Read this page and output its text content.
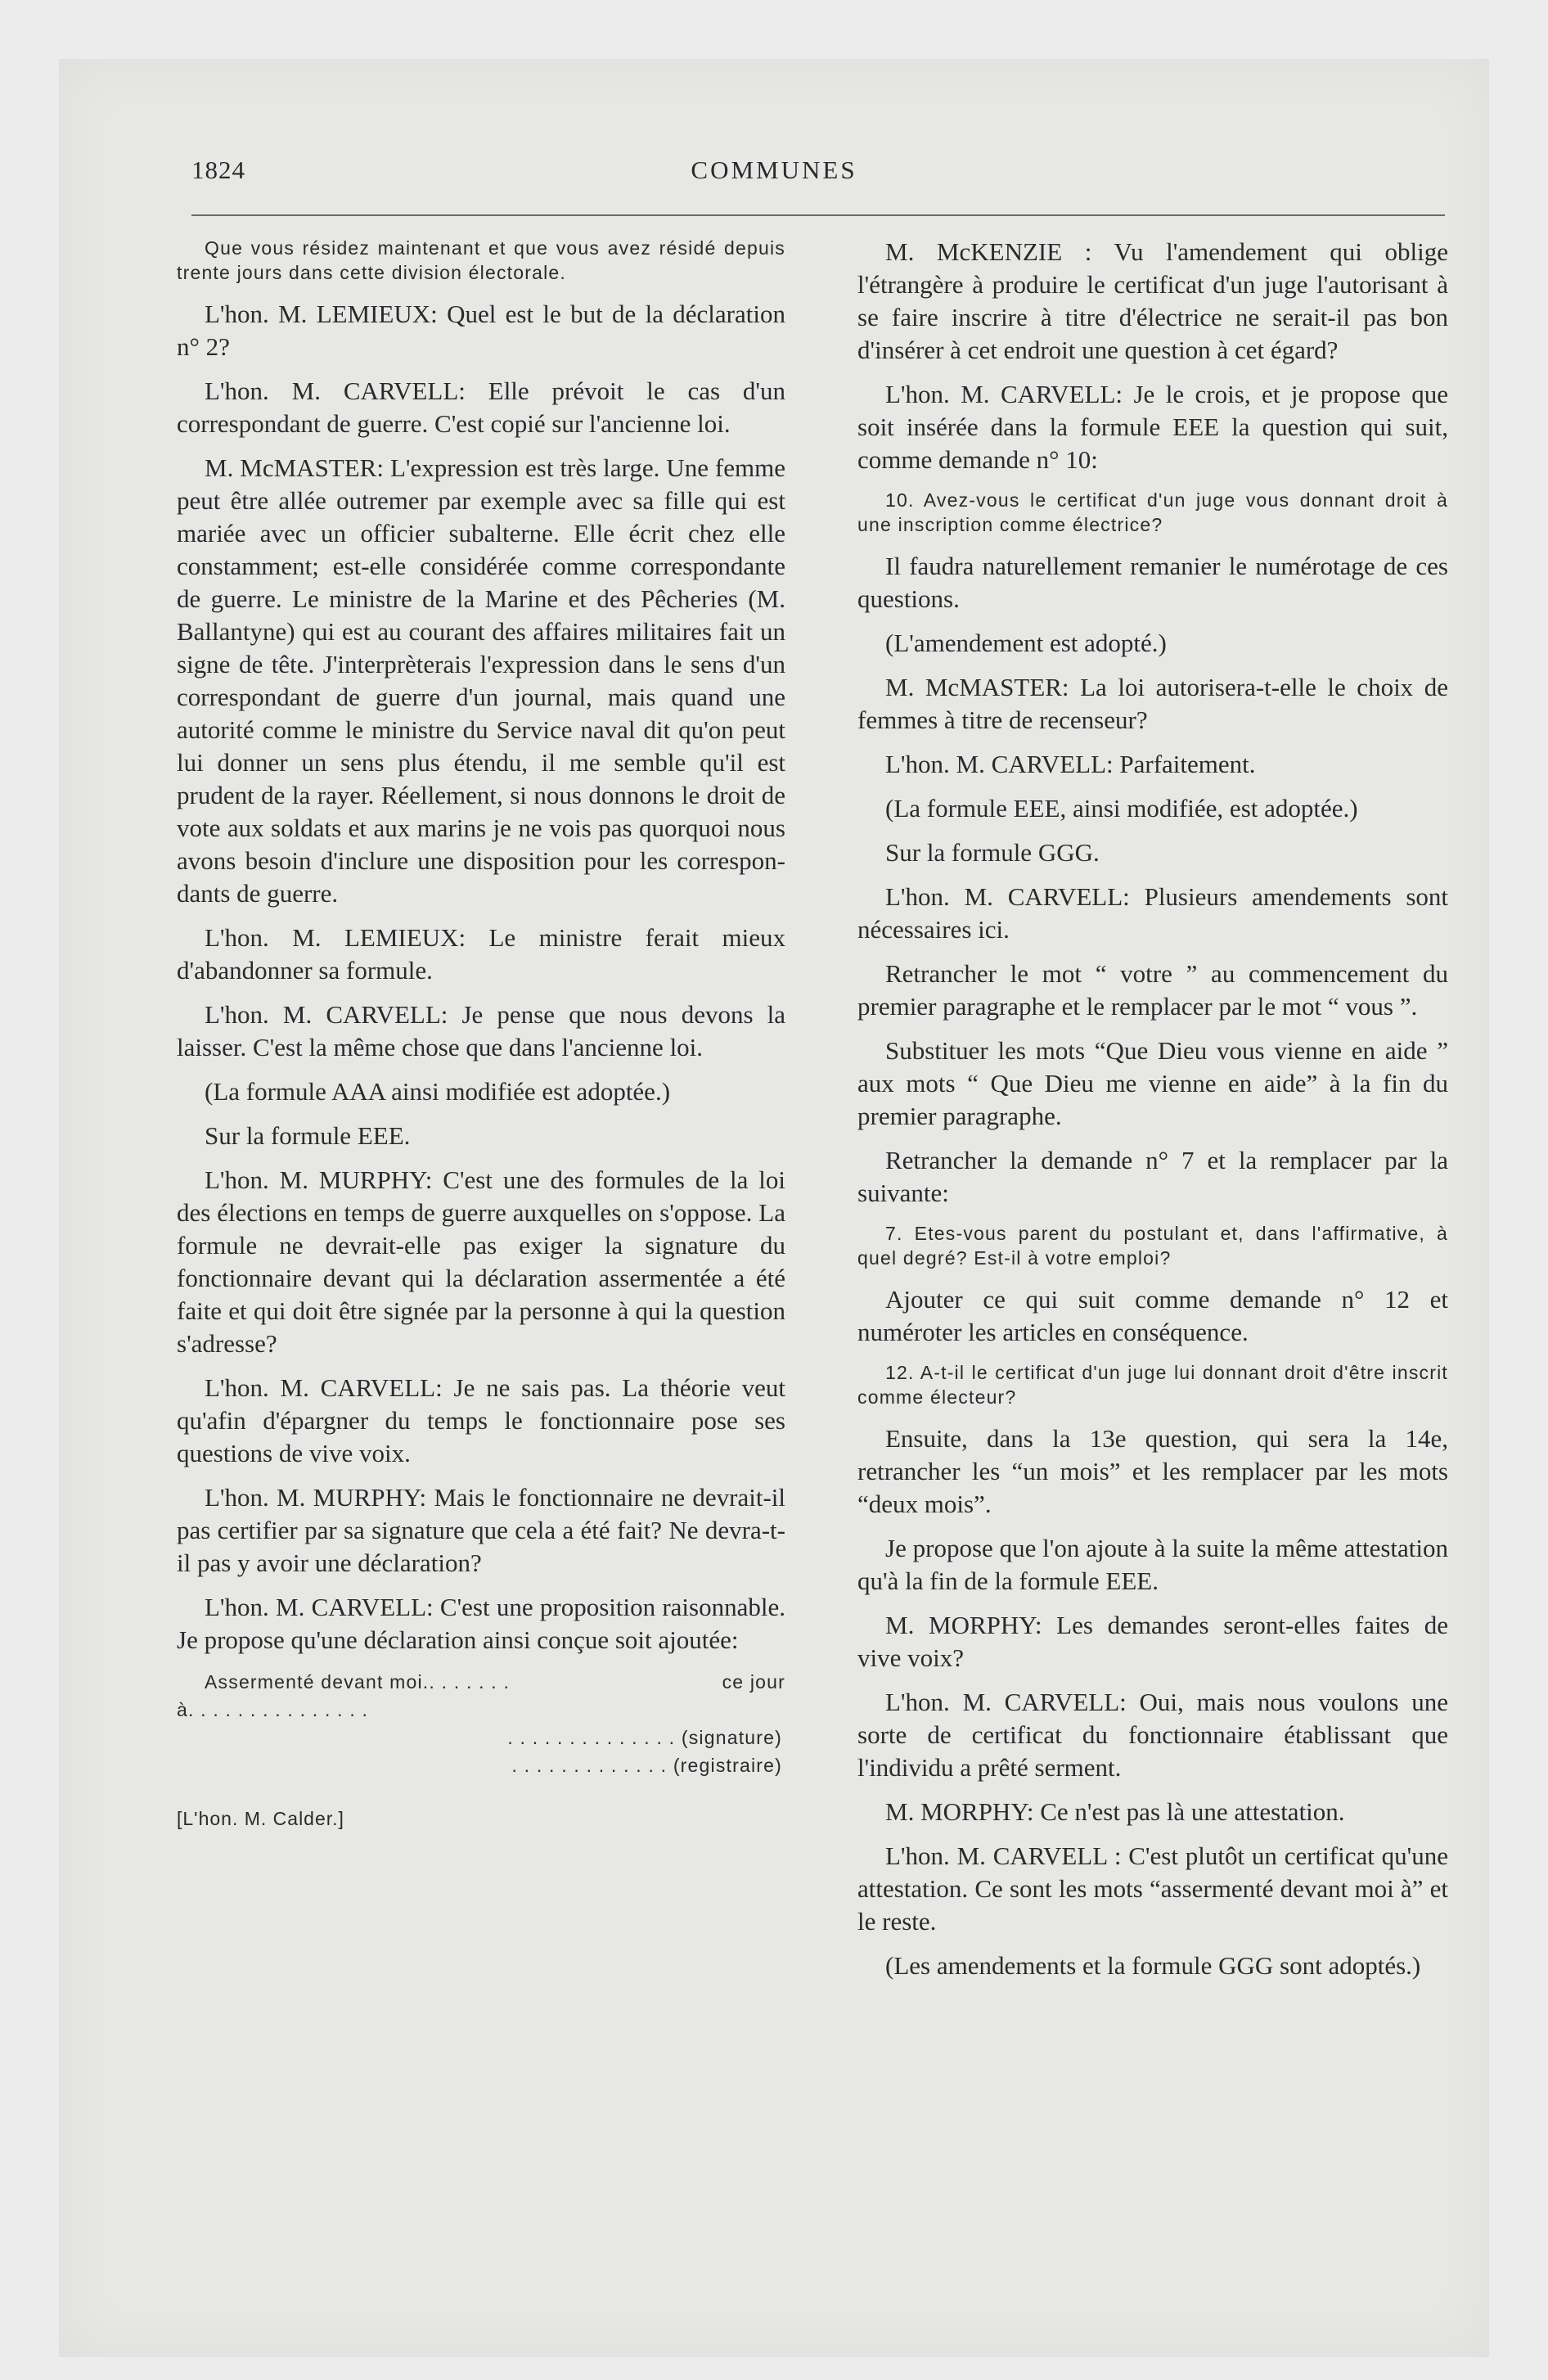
1824	COMMUNES

Que vous résidez maintenant et que vous avez résidé depuis trente jours dans cette division électorale.

L'hon. M. LEMIEUX: Quel est le but de la déclaration n° 2?

L'hon. M. CARVELL: Elle prévoit le cas d'un correspondant de guerre. C'est copié sur l'ancienne loi.

M. McMASTER: L'expression est très large. Une femme peut être allée outremer par exemple avec sa fille qui est mariée avec un officier subalterne. Elle écrit chez elle constamment; est-elle considérée comme correspondante de guerre. Le ministre de la Marine et des Pêcheries (M. Ballantyne) qui est au courant des affaires militaires fait un signe de tête. J'interprèterais l'expression dans le sens d'un correspondant de guerre d'un journal, mais quand une autorité comme le ministre du Service naval dit qu'on peut lui donner un sens plus étendu, il me semble qu'il est prudent de la rayer. Réellement, si nous donnons le droit de vote aux soldats et aux marins je ne vois pas quorquoi nous avons besoin d'inclure une disposition pour les correspondants de guerre.

L'hon. M. LEMIEUX: Le ministre ferait mieux d'abandonner sa formule.

L'hon. M. CARVELL: Je pense que nous devons la laisser. C'est la même chose que dans l'ancienne loi.

(La formule AAA ainsi modifiée est adoptée.)

Sur la formule EEE.

L'hon. M. MURPHY: C'est une des formules de la loi des élections en temps de guerre auxquelles on s'oppose. La formule ne devrait-elle pas exiger la signature du fonctionnaire devant qui la déclaration assermentée a été faite et qui doit être signée par la personne à qui la question s'adresse?

L'hon. M. CARVELL: Je ne sais pas. La théorie veut qu'afin d'épargner du temps le fonctionnaire pose ses questions de vive voix.

L'hon. M. MURPHY: Mais le fonctionnaire ne devrait-il pas certifier par sa signature que cela a été fait? Ne devra-t-il pas y avoir une déclaration?

L'hon. M. CARVELL: C'est une proposition raisonnable. Je propose qu'une déclaration ainsi conçue soit ajoutée:

Assermenté devant moi.. . . . . . .	ce jour
à. . . . . . . . . . . . . . .
. . . . . . . . . . . . . . (signature)
. . . . . . . . . . . . . (registraire)

[L'hon. M. Calder.]

M. McKENZIE : Vu l'amendement qui oblige l'étrangère à produire le certificat d'un juge l'autorisant à se faire inscrire à titre d'électrice ne serait-il pas bon d'insérer à cet endroit une question à cet égard?

L'hon. M. CARVELL: Je le crois, et je propose que soit insérée dans la formule EEE la question qui suit, comme demande n° 10:

10. Avez-vous le certificat d'un juge vous donnant droit à une inscription comme électrice?

Il faudra naturellement remanier le numérotage de ces questions.

(L'amendement est adopté.)

M. McMASTER: La loi autorisera-t-elle le choix de femmes à titre de recenseur?

L'hon. M. CARVELL: Parfaitement.

(La formule EEE, ainsi modifiée, est adoptée.)

Sur la formule GGG.

L'hon. M. CARVELL: Plusieurs amendements sont nécessaires ici.

Retrancher le mot “ votre ” au commencement du premier paragraphe et le remplacer par le mot “ vous ”.

Substituer les mots “Que Dieu vous vienne en aide ” aux mots “ Que Dieu me vienne en aide” à la fin du premier paragraphe.

Retrancher la demande n° 7 et la remplacer par la suivante:

7. Etes-vous parent du postulant et, dans l'affirmative, à quel degré? Est-il à votre emploi?

Ajouter ce qui suit comme demande n° 12 et numéroter les articles en conséquence.

12. A-t-il le certificat d'un juge lui donnant droit d'être inscrit comme électeur?

Ensuite, dans la 13e question, qui sera la 14e, retrancher les “un mois” et les remplacer par les mots “deux mois”.

Je propose que l'on ajoute à la suite la même attestation qu'à la fin de la formule EEE.

M. MORPHY: Les demandes seront-elles faites de vive voix?

L'hon. M. CARVELL: Oui, mais nous voulons une sorte de certificat du fonctionnaire établissant que l'individu a prêté serment.

M. MORPHY: Ce n'est pas là une attestation.

L'hon. M. CARVELL : C'est plutôt un certificat qu'une attestation. Ce sont les mots “assermenté devant moi à” et le reste.

(Les amendements et la formule GGG sont adoptés.)
